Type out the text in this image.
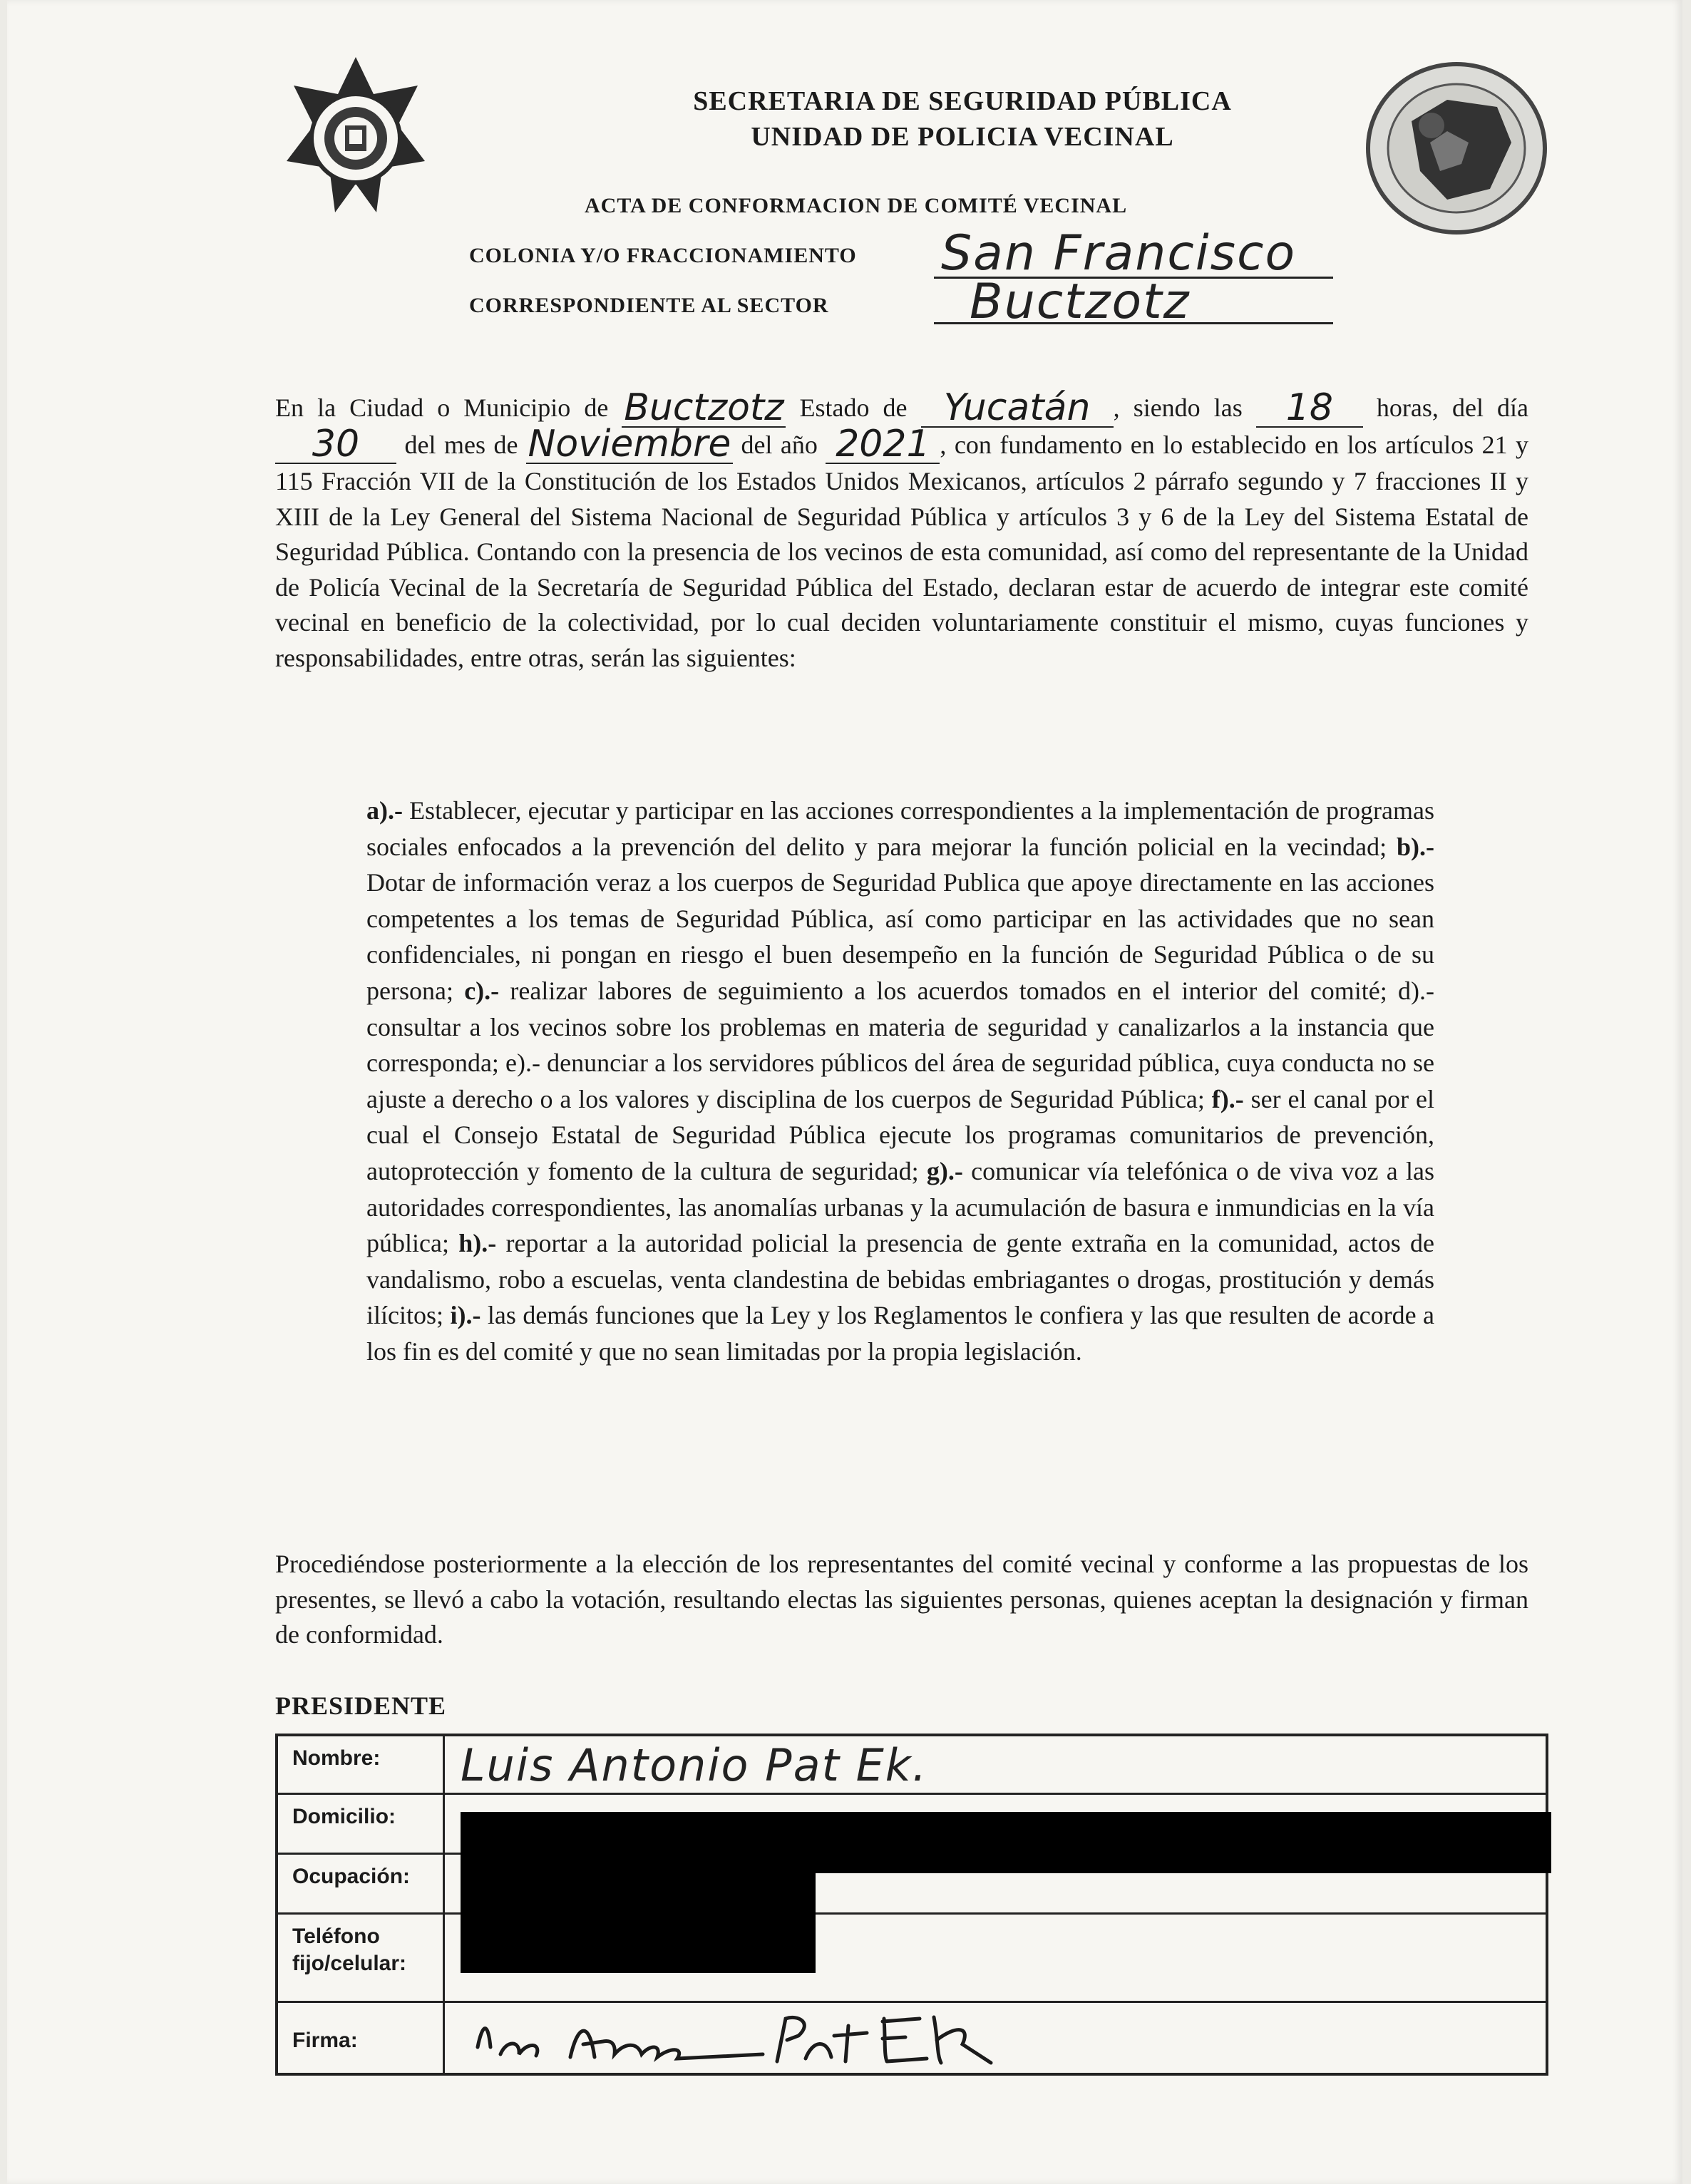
SECRETARIA DE SEGURIDAD PÚBLICA
UNIDAD DE POLICIA VECINAL
ACTA DE CONFORMACION DE COMITÉ VECINAL
COLONIA Y/O FRACCIONAMIENTO San Francisco
CORRESPONDIENTE AL SECTOR	Buctzotz
En la Ciudad o Municipio de Buctzotz Estado de Yucatán , siendo las	18	horas, del día
30	del mes de Noviembre del año 2021 , con fundamento en lo establecido en los artículos 21 y 115 Fracción VII de la Constitución de los Estados Unidos Mexicanos, artículos 2 párrafo segundo y 7 fracciones II y XIII de la Ley General del Sistema Nacional de Seguridad Pública y artículos 3 y 6 de la Ley del Sistema Estatal de Seguridad Pública. Contando con la presencia de los vecinos de esta comunidad, así como del representante de la Unidad de Policía Vecinal de la Secretaría de Seguridad Pública del Estado, declaran estar de acuerdo de integrar este comité vecinal en beneficio de la colectividad, por lo cual deciden voluntariamente constituir el mismo, cuyas funciones y responsabilidades, entre otras, serán las siguientes:
a).- Establecer, ejecutar y participar en las acciones correspondientes a la implementación de programas sociales enfocados a la prevención del delito y para mejorar la función policial en la vecindad; b).- Dotar de información veraz a los cuerpos de Seguridad Publica que apoye directamente en las acciones competentes a los temas de Seguridad Pública, así como participar en las actividades que no sean confidenciales, ni pongan en riesgo el buen desempeño en la función de Seguridad Pública o de su persona; c).- realizar labores de seguimiento a los acuerdos tomados en el interior del comité; d).- consultar a los vecinos sobre los problemas en materia de seguridad y canalizarlos a la instancia que corresponda; e).- denunciar a los servidores públicos del área de seguridad pública, cuya conducta no se ajuste a derecho o a los valores y disciplina de los cuerpos de Seguridad Pública; f).- ser el canal por el cual el Consejo Estatal de Seguridad Pública ejecute los programas comunitarios de prevención, autoprotección y fomento de la cultura de seguridad; g).- comunicar vía telefónica o de viva voz a las autoridades correspondientes, las anomalías urbanas y la acumulación de basura e inmundicias en la vía pública; h).- reportar a la autoridad policial la presencia de gente extraña en la comunidad, actos de vandalismo, robo a escuelas, venta clandestina de bebidas embriagantes o drogas, prostitución y demás ilícitos; i).- las demás funciones que la Ley y los Reglamentos le confiera y las que resulten de acorde a los fin es del comité y que no sean limitadas por la propia legislación.
Procediéndose posteriormente a la elección de los representantes del comité vecinal y conforme a las propuestas de los presentes, se llevó a cabo la votación, resultando electas las siguientes personas, quienes aceptan la designación y firman de conformidad.
PRESIDENTE
Nombre:	Luis Antonio Pat Ek.
Domicilio:
Ocupación:
Teléfono
fijo/celular:
Firma:
